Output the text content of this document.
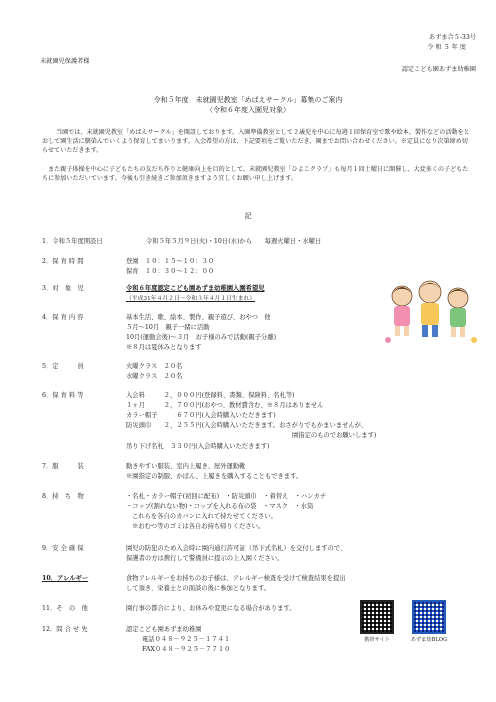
あずま合５-33号
令 和 ５ 年 度
未就園児保護者様
認定こども園あずま幼稚園
令和５年度　未就園児教室「めばえサークル」募集のご案内
（令和６年度入園児対象）
当園では、未就園児教室「めばえサークル」を開設しております。入園準備教室として２歳児を中心に毎週１回保育室で歌や絵本、製作などの活動をとおして園生活に馴染んでいくよう保育してまいります。入会希望の方は、下記要項をご覧いただき、園までお問い合わせください。※定員になり次第締め切らせていただきます。
また親子体操を中心に子どもたちの友だち作りと健康向上を目的として、未就園児教室「ひよこクラブ」も毎月１回土曜日に開催し、大変多くの子どもたちに参加いただいています。今後も引き続きご参加頂きますよう宜しくお願い申し上げます。
記
1．令和５年度開設日	令和５年５月９日(火)・10日(水)から　　毎週火曜日・水曜日
2．保 育 時 間	登園　１０：１５～１０：３０
保育　１０：３０～１２：００
3．対　象　児	令和６年度認定こども園あずま幼稚園入園希望児
（平成31年４月２日～令和３年４月１日生まれ）
4．保 育 内 容	基本生活、歌、絵本、製作、親子遊び、おやつ　他
５月～10月　親子一緒に活動
10月(運動会後)～３月　お子様のみで活動(親子分離)
※８月は夏休みとなります
5．定　　　員	火曜クラス　２０名
水曜クラス　２０名
6．保 育 料 等	入会料　　　２，０００円(登録料、書類、保険料、名札等)
１ヶ月　　　２，７００円(おやつ、教材費含む、※８月はありません
カラー帽子　　　６７０円(入会時購入いただきます)
防災頭巾　　２，２５５円(入会時購入いただきます。おさがりでもかまいませんが、
園指定のものでお願いします)
吊り下げ名札　３３０円(入会時購入いただきます)
7．服　　　装	動きやすい服装、室内上履き、屋外運動靴
※園指定の制服、かばん、上履きを購入することもできます。
8．持　ち　物	・名札・カラー帽子(初回に配布)　・防災頭巾　・着替え　・ハンカチ
・コップ(割れない物)・コップを入れる布の袋　・マスク　・水筒
これらを各自のカバンに入れて持たせてください。
※おむつ等のゴミは各自お持ち帰りください。
9．安 全 確 保	園児の防犯のため入会時に園内通行許可証（吊下式名札）を交付しますので、
保護者の方は携行して警備員に提示の上入園ください。
10．アレルギー	食物アレルギーをお持ちのお子様は、アレルギー検査を受けて検査結果を提出
して頂き、栄養士との面談の後に参加となります。
11．そ　の　他	園行事の都合により、お休みや変更になる場合があります。
12．問 合 せ 先	認定こども園あずま幼稚園
電話０４８－９２５－１７４１
FAX０４８－９２５－７７１０
携帯サイト	あずま幼BLOG
